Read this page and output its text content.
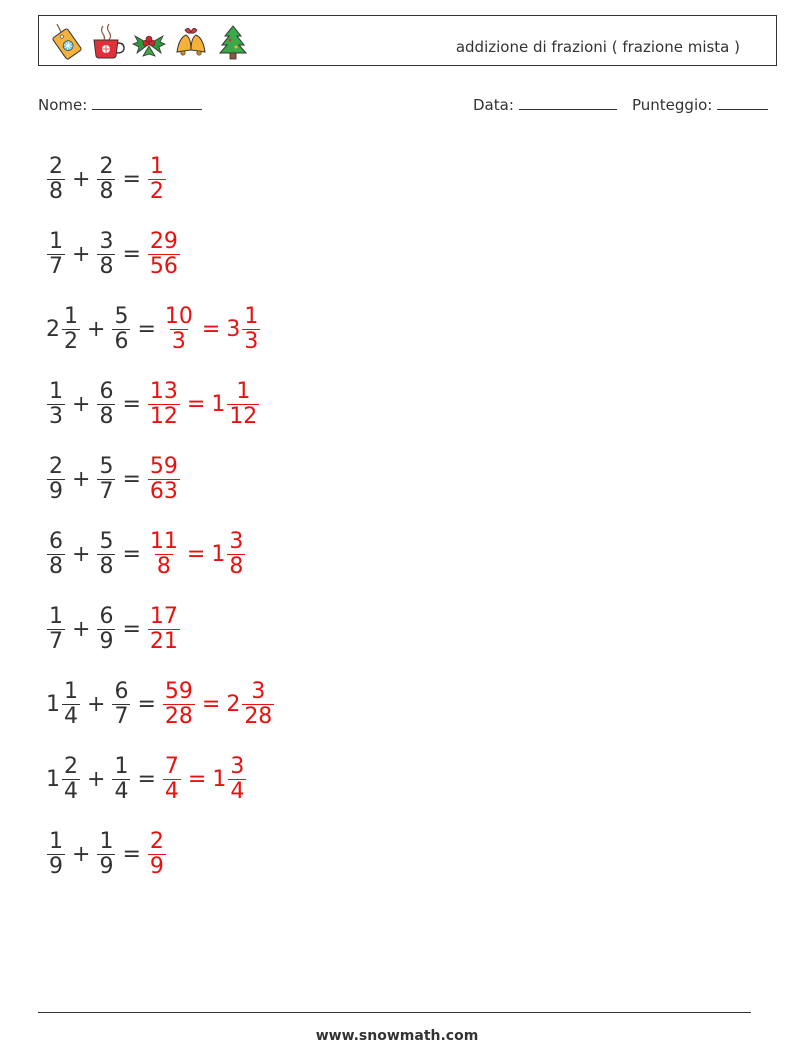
addizione di frazioni ( frazione mista )
Nome:	Data:	Punteggio:
$\frac{2}{8} + \frac{2}{8} = \frac{1}{2}$
$\frac{1}{7} + \frac{3}{8} = \frac{29}{56}$
$2 \frac{1}{2} + \frac{5}{6} = \frac{10}{3} = 3 \frac{1}{3}$
$\frac{1}{3} + \frac{6}{8} = \frac{13}{12} = 1 \frac{1}{12}$
$\frac{2}{9} + \frac{5}{7} = \frac{59}{63}$
$\frac{6}{8} + \frac{5}{8} = \frac{11}{8} = 1 \frac{3}{8}$
$\frac{1}{7} + \frac{6}{9} = \frac{17}{21}$
$1 \frac{1}{4} + \frac{6}{7} = \frac{59}{28} = 2 \frac{3}{28}$
$1 \frac{2}{4} + \frac{1}{4} = \frac{7}{4} = 1 \frac{3}{4}$
$\frac{1}{9} + \frac{1}{9} = \frac{2}{9}$
www.snowmath.com
